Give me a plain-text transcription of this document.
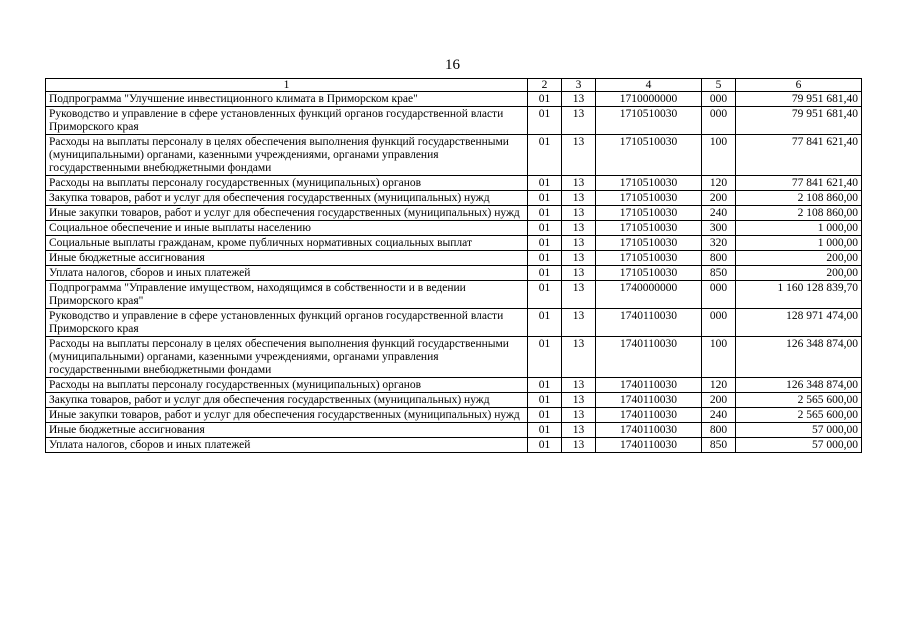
16
1	2	3	4	5	6
Подпрограмма "Улучшение инвестиционного климата в Приморском крае"	01	13	1710000000	000	79 951 681,40
Руководство и управление в сфере установленных функций органов государственной власти Приморского края	01	13	1710510030	000	79 951 681,40
Расходы на выплаты персоналу в целях обеспечения выполнения функций государственными (муниципальными) органами, казенными учреждениями, органами управления государственными внебюджетными фондами	01	13	1710510030	100	77 841 621,40
Расходы на выплаты персоналу государственных (муниципальных) органов	01	13	1710510030	120	77 841 621,40
Закупка товаров, работ и услуг для обеспечения государственных (муниципальных) нужд	01	13	1710510030	200	2 108 860,00
Иные закупки товаров, работ и услуг для обеспечения государственных (муниципальных) нужд	01	13	1710510030	240	2 108 860,00
Социальное обеспечение и иные выплаты населению	01	13	1710510030	300	1 000,00
Социальные выплаты гражданам, кроме публичных нормативных социальных выплат	01	13	1710510030	320	1 000,00
Иные бюджетные ассигнования	01	13	1710510030	800	200,00
Уплата налогов, сборов и иных платежей	01	13	1710510030	850	200,00
Подпрограмма "Управление имуществом, находящимся в собственности и в ведении Приморского края"	01	13	1740000000	000	1 160 128 839,70
Руководство и управление в сфере установленных функций органов государственной власти Приморского края	01	13	1740110030	000	128 971 474,00
Расходы на выплаты персоналу в целях обеспечения выполнения функций государственными (муниципальными) органами, казенными учреждениями, органами управления государственными внебюджетными фондами	01	13	1740110030	100	126 348 874,00
Расходы на выплаты персоналу государственных (муниципальных) органов	01	13	1740110030	120	126 348 874,00
Закупка товаров, работ и услуг для обеспечения государственных (муниципальных) нужд	01	13	1740110030	200	2 565 600,00
Иные закупки товаров, работ и услуг для обеспечения государственных (муниципальных) нужд	01	13	1740110030	240	2 565 600,00
Иные бюджетные ассигнования	01	13	1740110030	800	57 000,00
Уплата налогов, сборов и иных платежей	01	13	1740110030	850	57 000,00
